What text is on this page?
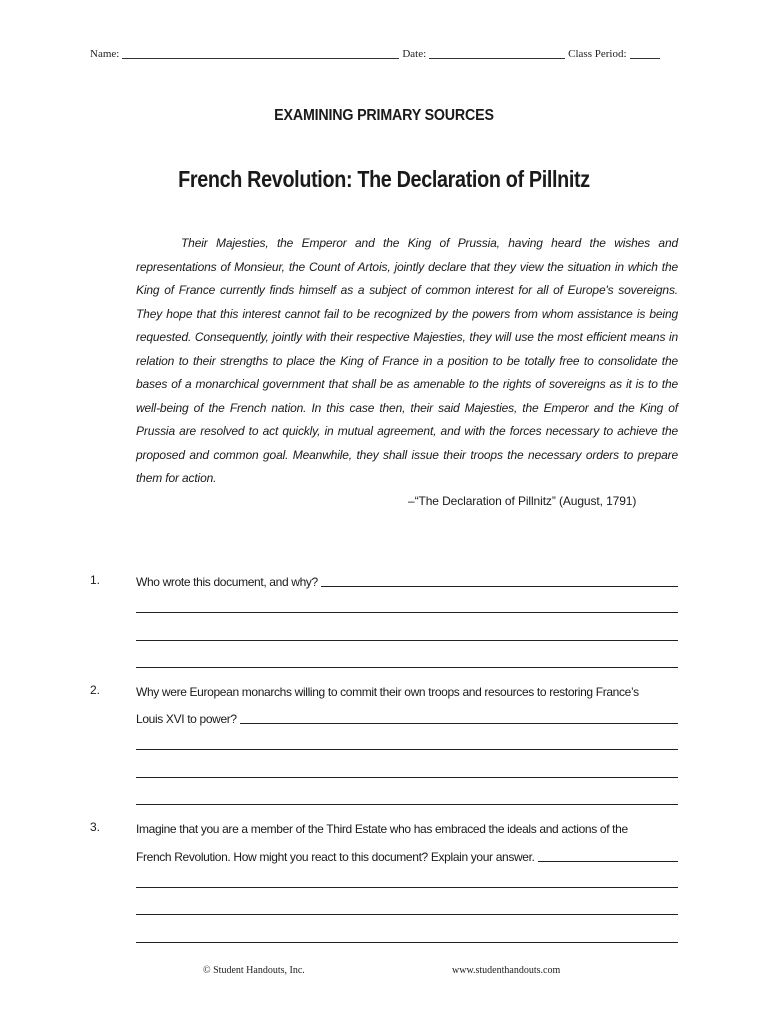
Name:	Date:	Class Period:
EXAMINING PRIMARY SOURCES
French Revolution: The Declaration of Pillnitz
Their Majesties, the Emperor and the King of Prussia, having heard the wishes and representations of Monsieur, the Count of Artois, jointly declare that they view the situation in which the King of France currently finds himself as a subject of common interest for all of Europe's sovereigns. They hope that this interest cannot fail to be recognized by the powers from whom assistance is being requested. Consequently, jointly with their respective Majesties, they will use the most efficient means in relation to their strengths to place the King of France in a position to be totally free to consolidate the bases of a monarchical government that shall be as amenable to the rights of sovereigns as it is to the well-being of the French nation. In this case then, their said Majesties, the Emperor and the King of Prussia are resolved to act quickly, in mutual agreement, and with the forces necessary to achieve the proposed and common goal. Meanwhile, they shall issue their troops the necessary orders to prepare them for action.
–“The Declaration of Pillnitz” (August, 1791)
1.	Who wrote this document, and why?
2.	Why were European monarchs willing to commit their own troops and resources to restoring France’s
Louis XVI to power?
3.	Imagine that you are a member of the Third Estate who has embraced the ideals and actions of the
French Revolution. How might you react to this document? Explain your answer.
© Student Handouts, Inc.	www.studenthandouts.com
